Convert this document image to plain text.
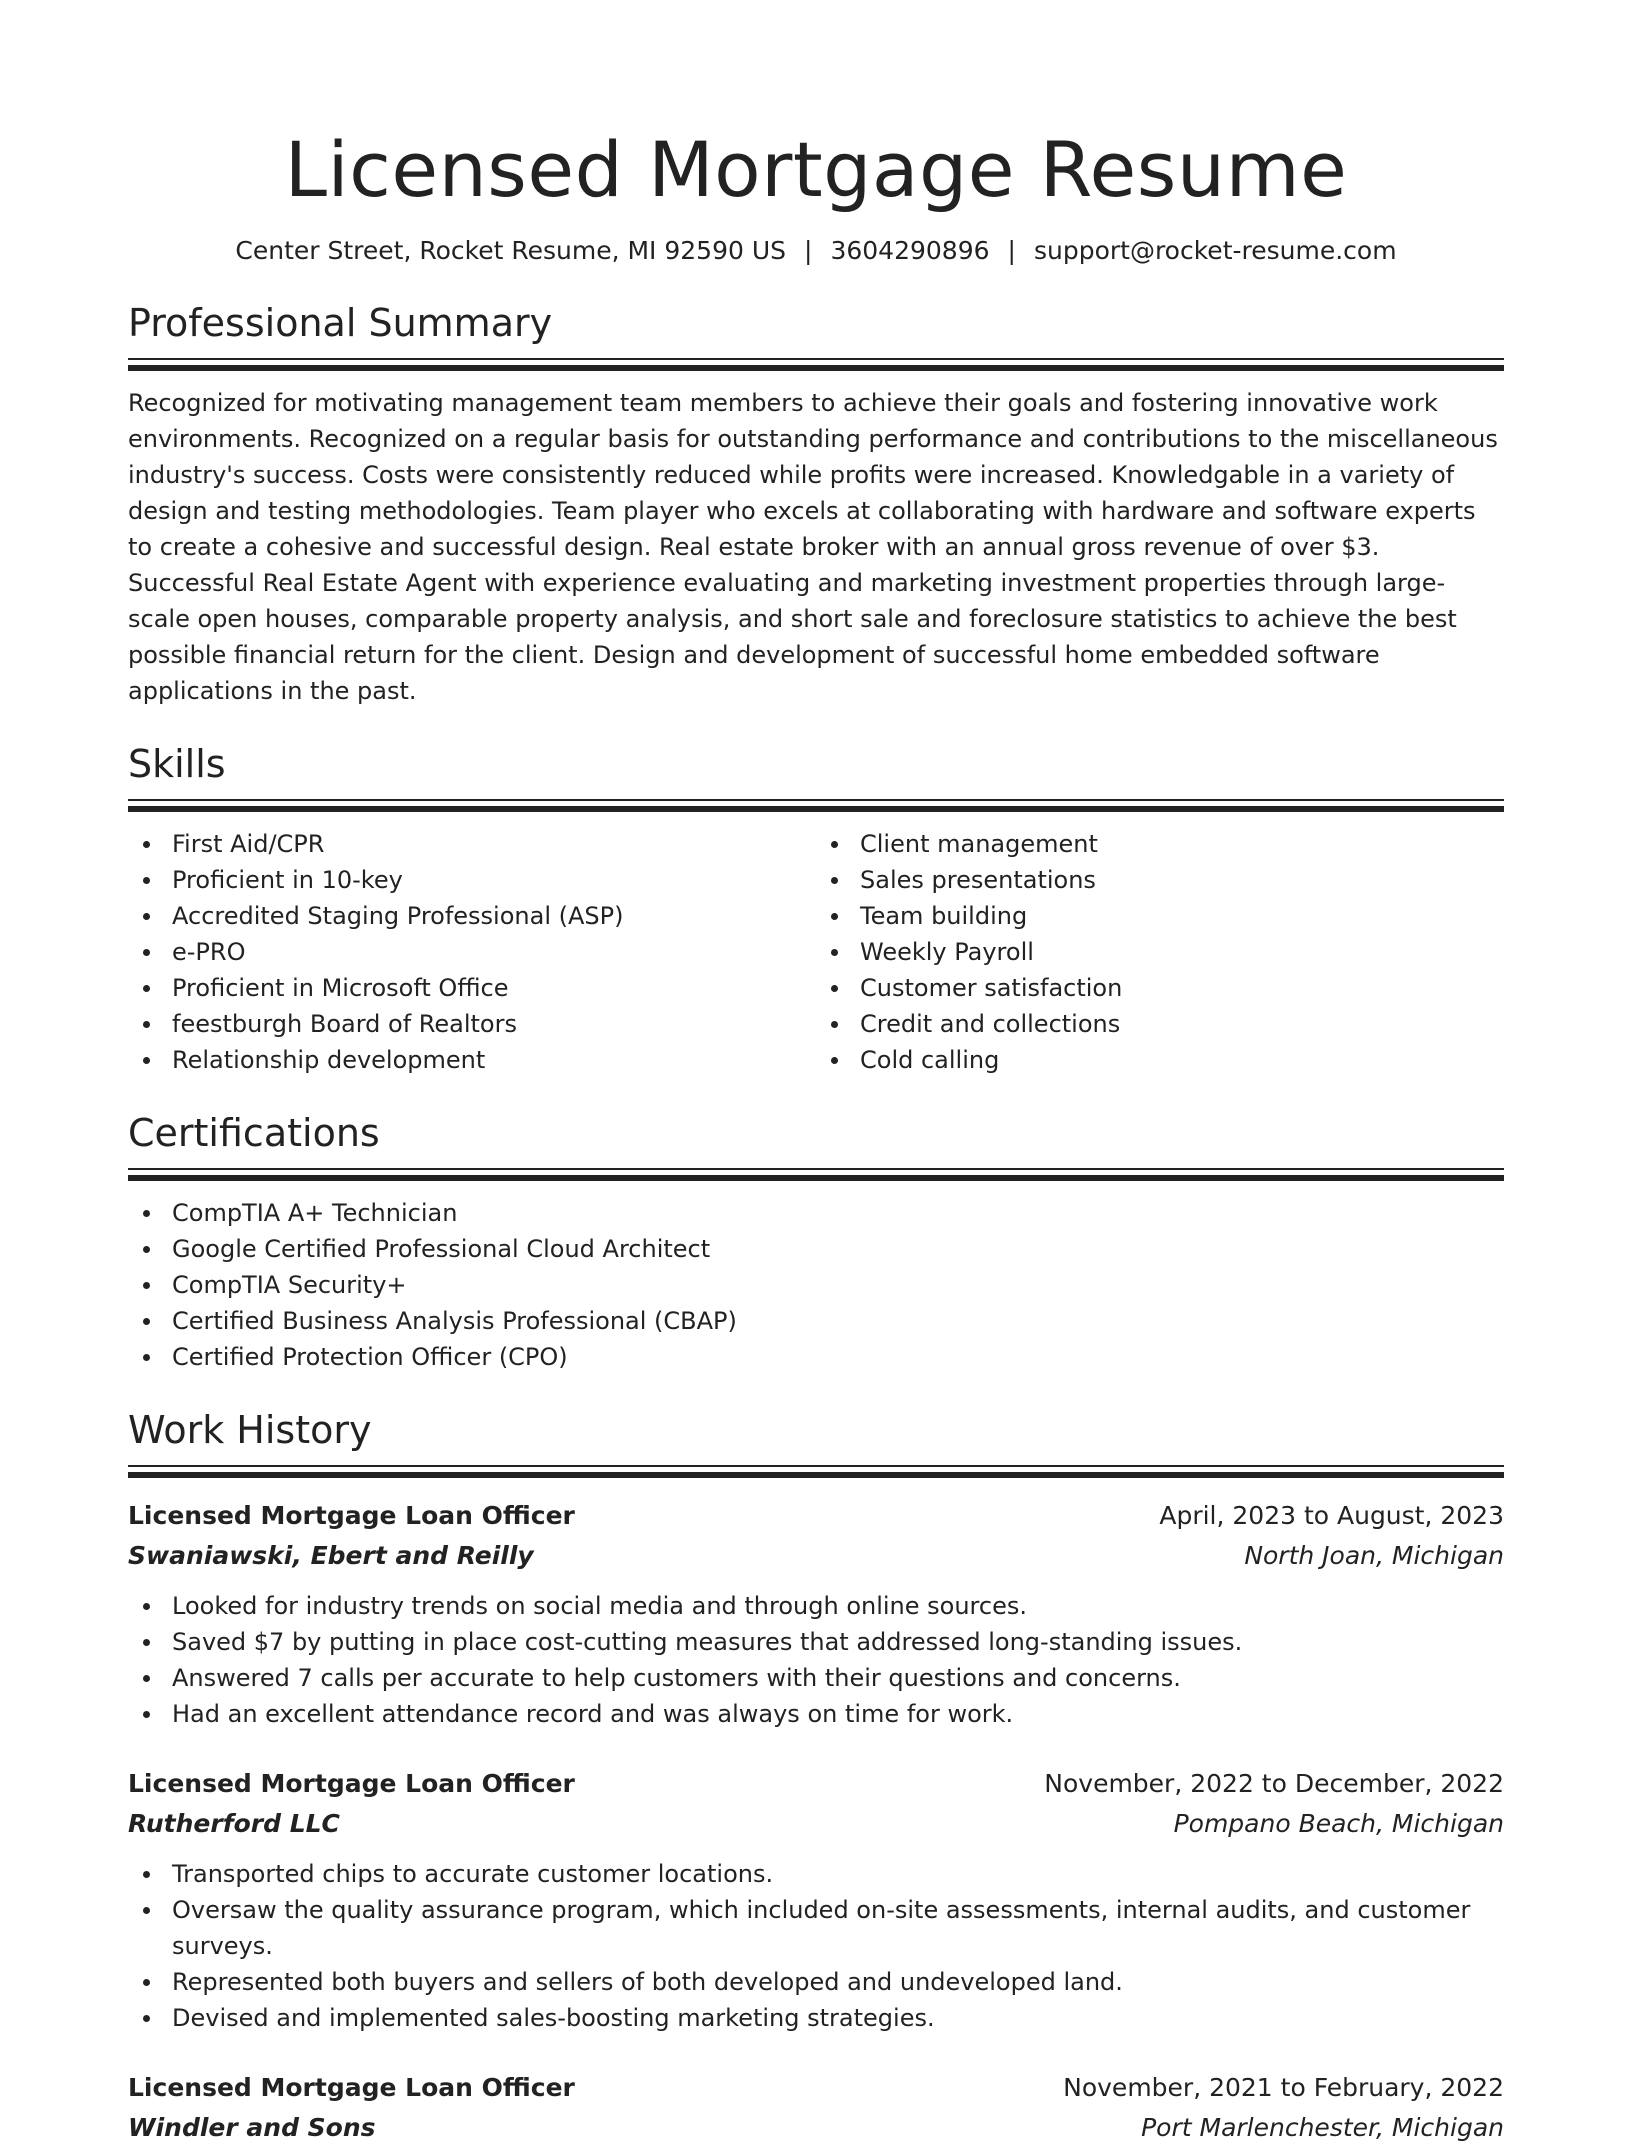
Licensed Mortgage Resume
Center Street, Rocket Resume, MI 92590 US | 3604290896 | support@rocket-resume.com
Professional Summary

Recognized for motivating management team members to achieve their goals and fostering innovative work environments. Recognized on a regular basis for outstanding performance and contributions to the miscellaneous industry's success. Costs were consistently reduced while profits were increased. Knowledgable in a variety of design and testing methodologies. Team player who excels at collaborating with hardware and software experts to create a cohesive and successful design. Real estate broker with an annual gross revenue of over $3. Successful Real Estate Agent with experience evaluating and marketing investment properties through large-scale open houses, comparable property analysis, and short sale and foreclosure statistics to achieve the best possible financial return for the client. Design and development of successful home embedded software applications in the past.

Skills
First Aid/CPR
Proficient in 10-key
Accredited Staging Professional (ASP)
e-PRO
Proficient in Microsoft Office
feestburgh Board of Realtors
Relationship development
Client management
Sales presentations
Team building
Weekly Payroll
Customer satisfaction
Credit and collections
Cold calling
Certifications
CompTIA A+ Technician
Google Certified Professional Cloud Architect
CompTIA Security+
Certified Business Analysis Professional (CBAP)
Certified Protection Officer (CPO)
Work History
Licensed Mortgage Loan Officer	April, 2023 to August, 2023
Swaniawski, Ebert and Reilly	North Joan, Michigan
Looked for industry trends on social media and through online sources.
Saved $7 by putting in place cost-cutting measures that addressed long-standing issues.
Answered 7 calls per accurate to help customers with their questions and concerns.
Had an excellent attendance record and was always on time for work.
Licensed Mortgage Loan Officer	November, 2022 to December, 2022
Rutherford LLC	Pompano Beach, Michigan
Transported chips to accurate customer locations.
Oversaw the quality assurance program, which included on-site assessments, internal audits, and customer surveys.
Represented both buyers and sellers of both developed and undeveloped land.
Devised and implemented sales-boosting marketing strategies.
Licensed Mortgage Loan Officer	November, 2021 to February, 2022
Windler and Sons	Port Marlenchester, Michigan
